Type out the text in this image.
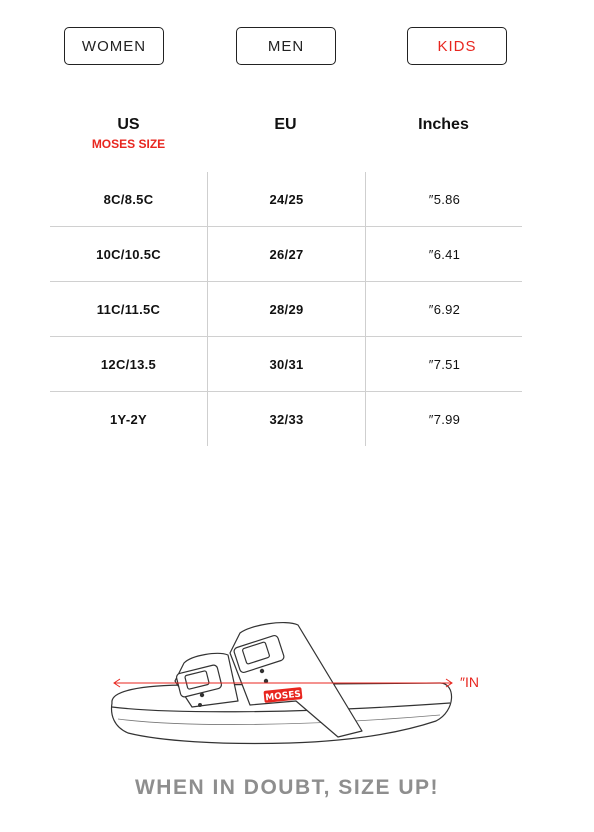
WOMEN	MEN	KIDS
US
MOSES SIZE
EU	Inches
8C/8.5C	24/25	″5.86
10C/10.5C	26/27	″6.41
11C/11.5C	28/29	″6.92
12C/13.5	30/31	″7.51
1Y-2Y	32/33	″7.99
MOSES
″IN
WHEN IN DOUBT, SIZE UP!
